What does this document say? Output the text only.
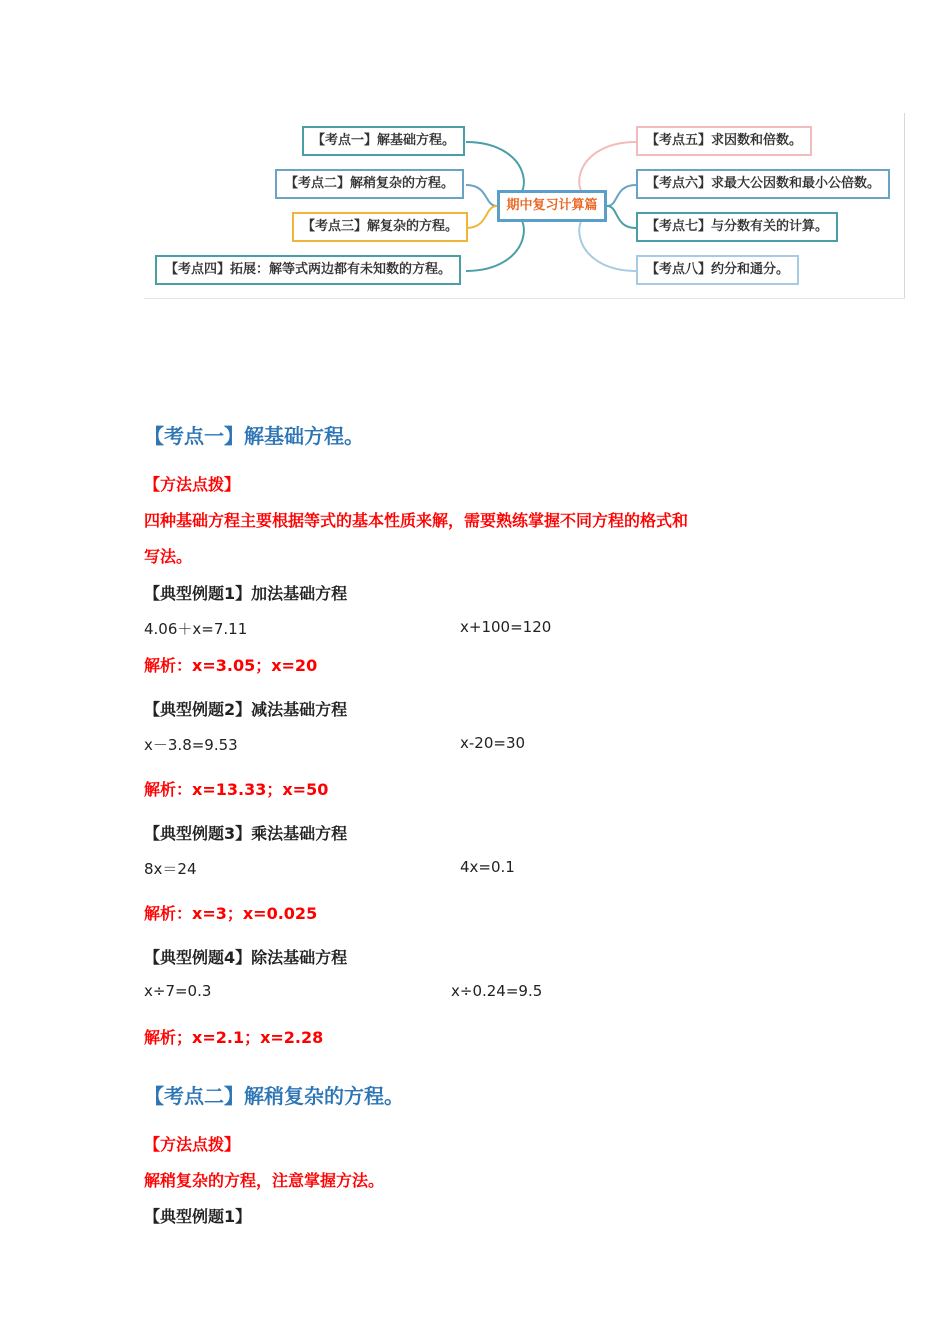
【考点一】解基础方程。
【考点二】解稍复杂的方程。
【考点三】解复杂的方程。
【考点四】拓展：解等式两边都有未知数的方程。
期中复习计算篇
【考点五】求因数和倍数。
【考点六】求最大公因数和最小公倍数。
【考点七】与分数有关的计算。
【考点八】约分和通分。
【考点一】解基础方程。
【方法点拨】
四种基础方程主要根据等式的基本性质来解，需要熟练掌握不同方程的格式和
写法。
【典型例题1】加法基础方程
4.06＋x=7.11	x+100=120
解析：x=3.05；x=20
【典型例题2】减法基础方程
x－3.8=9.53	x-20=30
解析：x=13.33；x=50
【典型例题3】乘法基础方程
8x＝24	4x=0.1
解析：x=3；x=0.025
【典型例题4】除法基础方程
x÷7=0.3	x÷0.24=9.5
解析；x=2.1；x=2.28
【考点二】解稍复杂的方程。
【方法点拨】
解稍复杂的方程，注意掌握方法。
【典型例题1】
